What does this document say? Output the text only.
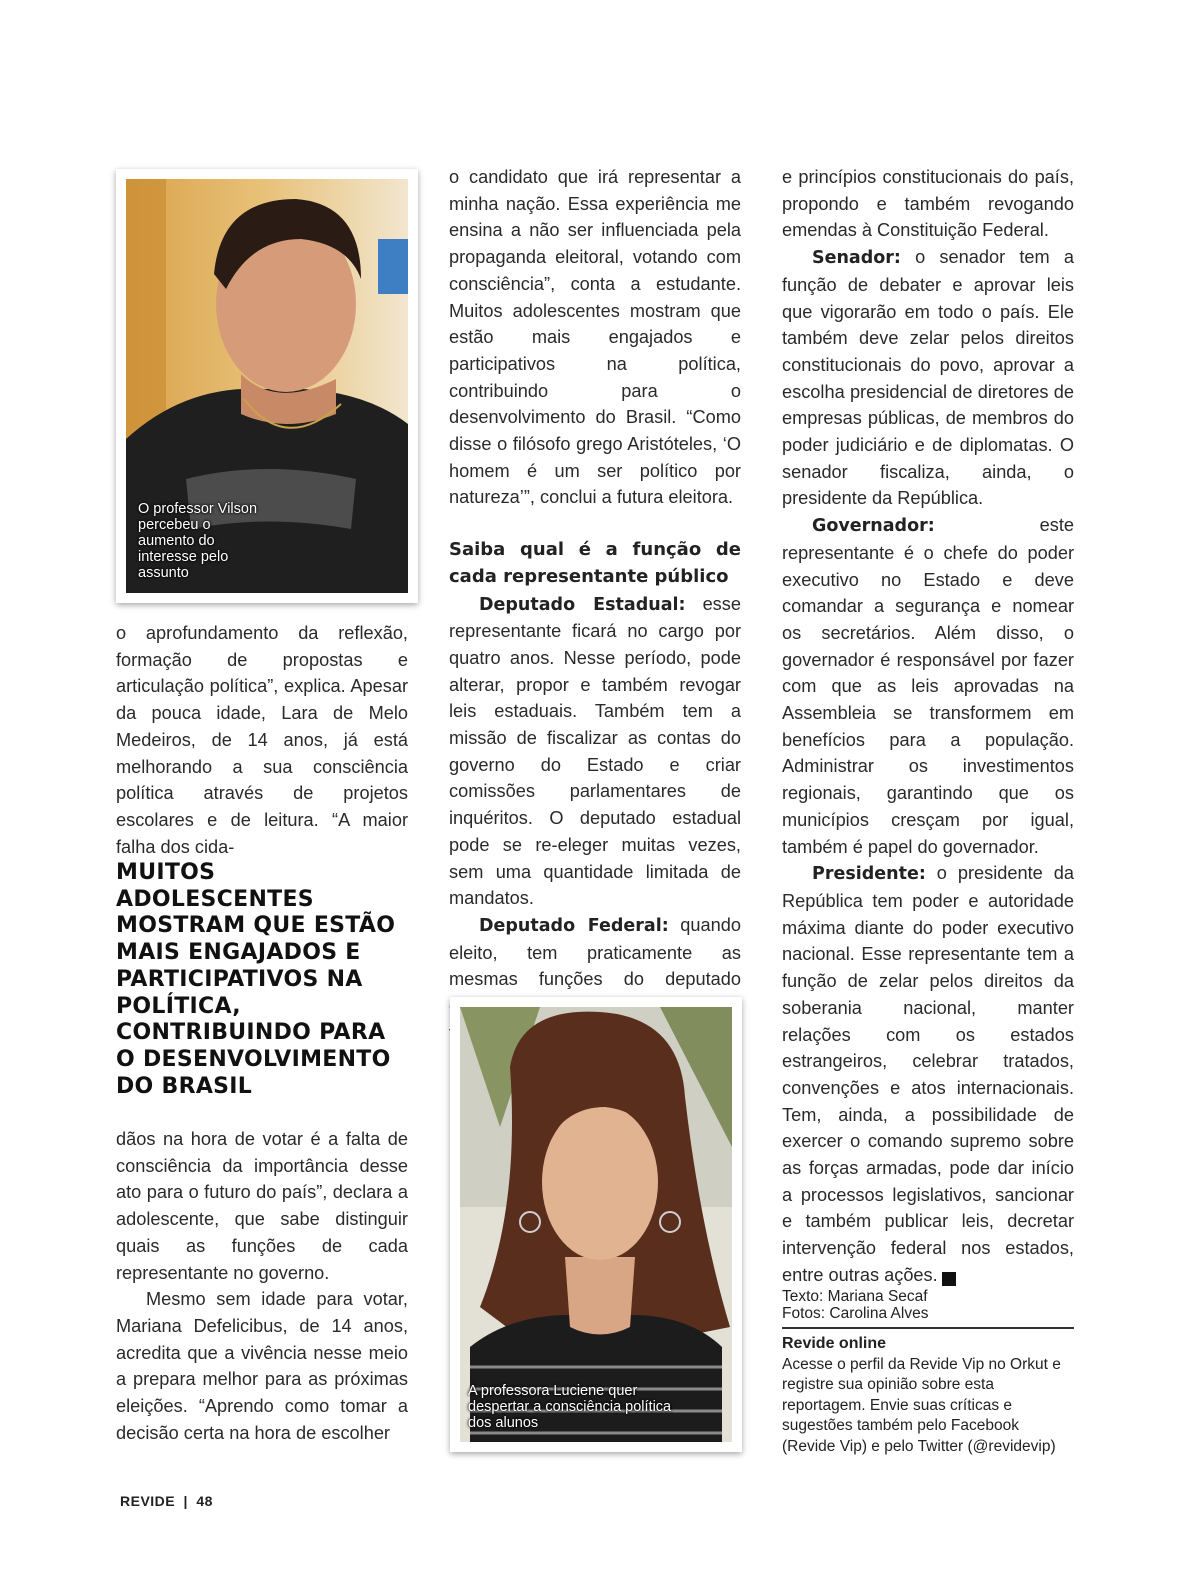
O professor Vilson percebeu o aumento do interesse pelo assunto

o aprofundamento da reflexão, formação de propostas e articulação política”, explica. Apesar da pouca idade, Lara de Melo Medeiros, de 14 anos, já está melhorando a sua consciência política através de projetos escolares e de leitura. “A maior falha dos cida-

MUITOS ADOLESCENTES MOSTRAM QUE ESTÃO MAIS ENGAJADOS E PARTICIPATIVOS NA POLÍTICA, CONTRIBUINDO PARA O DESENVOLVIMENTO DO BRASIL

dãos na hora de votar é a falta de consciência da importância desse ato para o futuro do país”, declara a adolescente, que sabe distinguir quais as funções de cada representante no governo.

Mesmo sem idade para votar, Mariana Defelicibus, de 14 anos, acredita que a vivência nesse meio a prepara melhor para as próximas eleições. “Aprendo como tomar a decisão certa na hora de escolher

o candidato que irá representar a minha nação. Essa experiência me ensina a não ser influenciada pela propaganda eleitoral, votando com consciência”, conta a estudante. Muitos adolescentes mostram que estão mais engajados e participativos na política, contribuindo para o desenvolvimento do Brasil. “Como disse o filósofo grego Aristóteles, ‘O homem é um ser político por natureza’”, conclui a futura eleitora.

Saiba qual é a função de cada representante público

Deputado Estadual: esse representante ficará no cargo por quatro anos. Nesse período, pode alterar, propor e também revogar leis estaduais. Também tem a missão de fiscalizar as contas do governo do Estado e criar comissões parlamentares de inquéritos. O deputado estadual pode se re-eleger muitas vezes, sem uma quantidade limitada de mandatos.

Deputado Federal: quando eleito, tem praticamente as mesmas funções do deputado

A professora Luciene quer despertar a consciência política dos alunos

e princípios constitucionais do país, propondo e também revogando emendas à Constituição Federal.

Senador: o senador tem a função de debater e aprovar leis que vigorarão em todo o país. Ele também deve zelar pelos direitos constitucionais do povo, aprovar a escolha presidencial de diretores de empresas públicas, de membros do poder judiciário e de diplomatas. O senador fiscaliza, ainda, o presidente da República.

Governador: este representante é o chefe do poder executivo no Estado e deve comandar a segurança e nomear os secretários. Além disso, o governador é responsável por fazer com que as leis aprovadas na Assembleia se transformem em benefícios para a população. Administrar os investimentos regionais, garantindo que os municípios cresçam por igual, também é papel do governador.

Presidente: o presidente da República tem poder e autoridade máxima diante do poder executivo nacional. Esse representante tem a função de zelar pelos direitos da soberania nacional, manter relações com os estados estrangeiros, celebrar tratados, convenções e atos internacionais. Tem, ainda, a possibilidade de exercer o comando supremo sobre as forças armadas, pode dar início a processos legislativos, sancionar e também publicar leis, decretar intervenção federal nos estados, entre outras ações.	r

Texto: Mariana Secaf
Fotos: Carolina Alves
Revide online
Acesse o perfil da Revide Vip no Orkut e registre sua opinião sobre esta reportagem. Envie suas críticas e sugestões também pelo Facebook (Revide Vip) e pelo Twitter (@revidevip)
REVIDE | 48
